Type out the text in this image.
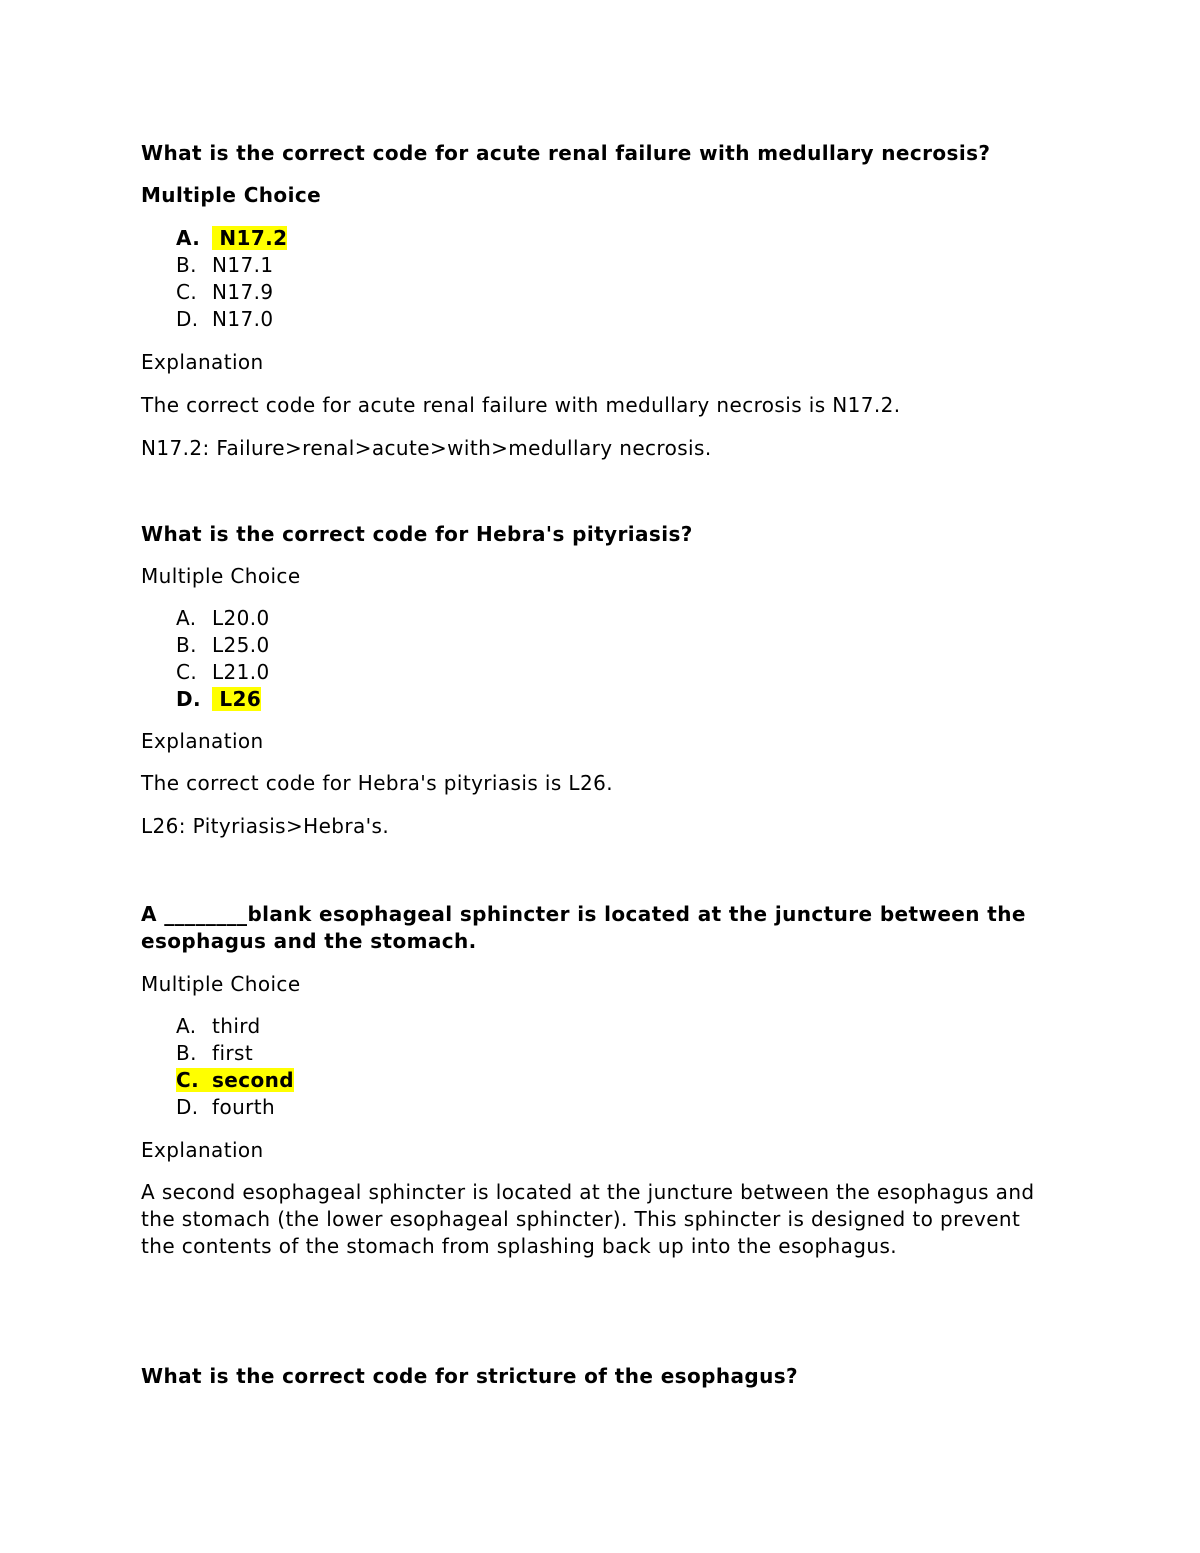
What is the correct code for acute renal failure with medullary necrosis?

Multiple Choice

A. N17.2
B. N17.1
C. N17.9
D. N17.0

Explanation

The correct code for acute renal failure with medullary necrosis is N17.2.

N17.2: Failure>renal>acute>with>medullary necrosis.

What is the correct code for Hebra's pityriasis?

Multiple Choice

A. L20.0
B. L25.0
C. L21.0
D. L26

Explanation

The correct code for Hebra's pityriasis is L26.

L26: Pityriasis>Hebra's.

A ________blank esophageal sphincter is located at the juncture between the esophagus and the stomach.

Multiple Choice

A. third
B. first
C. second
D. fourth

Explanation

A second esophageal sphincter is located at the juncture between the esophagus and the stomach (the lower esophageal sphincter). This sphincter is designed to prevent the contents of the stomach from splashing back up into the esophagus.

What is the correct code for stricture of the esophagus?
